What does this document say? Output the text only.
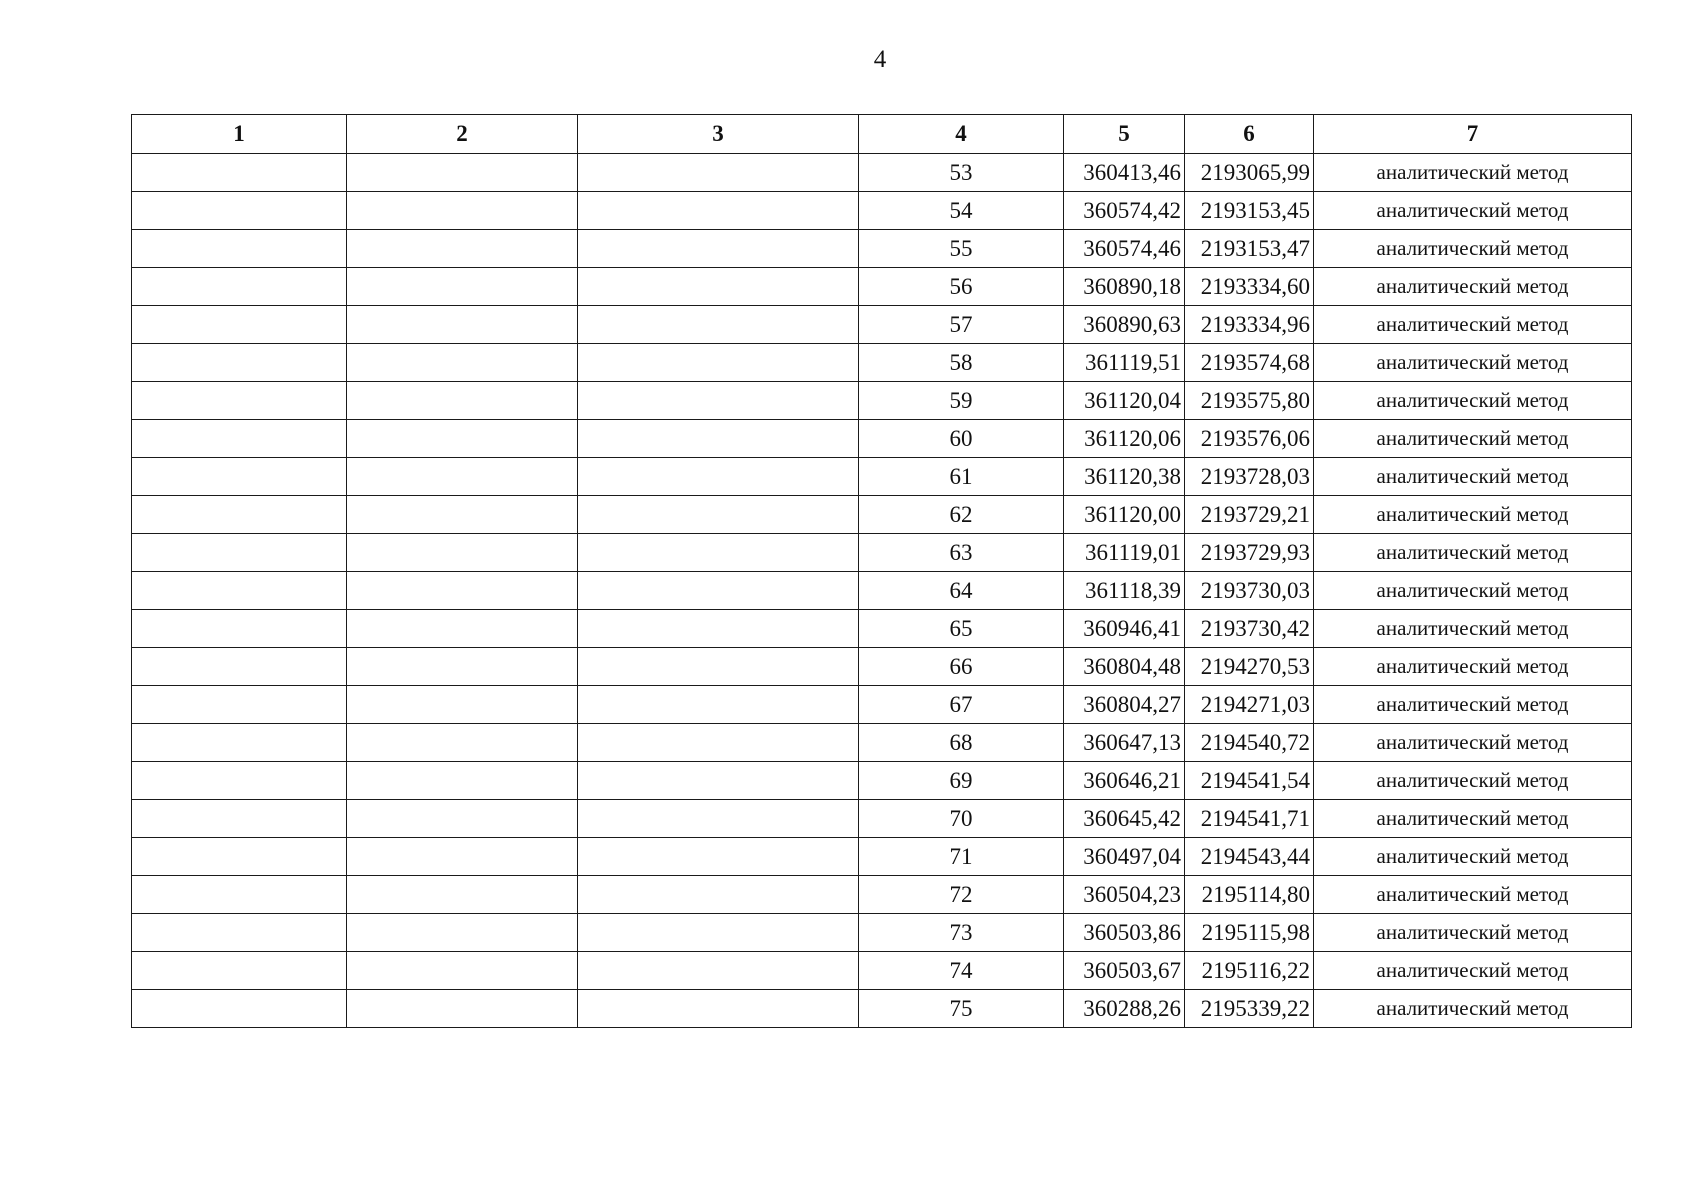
4
1	2	3	4	5	6	7
			53	360413,46	2193065,99	аналитический метод
			54	360574,42	2193153,45	аналитический метод
			55	360574,46	2193153,47	аналитический метод
			56	360890,18	2193334,60	аналитический метод
			57	360890,63	2193334,96	аналитический метод
			58	361119,51	2193574,68	аналитический метод
			59	361120,04	2193575,80	аналитический метод
			60	361120,06	2193576,06	аналитический метод
			61	361120,38	2193728,03	аналитический метод
			62	361120,00	2193729,21	аналитический метод
			63	361119,01	2193729,93	аналитический метод
			64	361118,39	2193730,03	аналитический метод
			65	360946,41	2193730,42	аналитический метод
			66	360804,48	2194270,53	аналитический метод
			67	360804,27	2194271,03	аналитический метод
			68	360647,13	2194540,72	аналитический метод
			69	360646,21	2194541,54	аналитический метод
			70	360645,42	2194541,71	аналитический метод
			71	360497,04	2194543,44	аналитический метод
			72	360504,23	2195114,80	аналитический метод
			73	360503,86	2195115,98	аналитический метод
			74	360503,67	2195116,22	аналитический метод
			75	360288,26	2195339,22	аналитический метод
